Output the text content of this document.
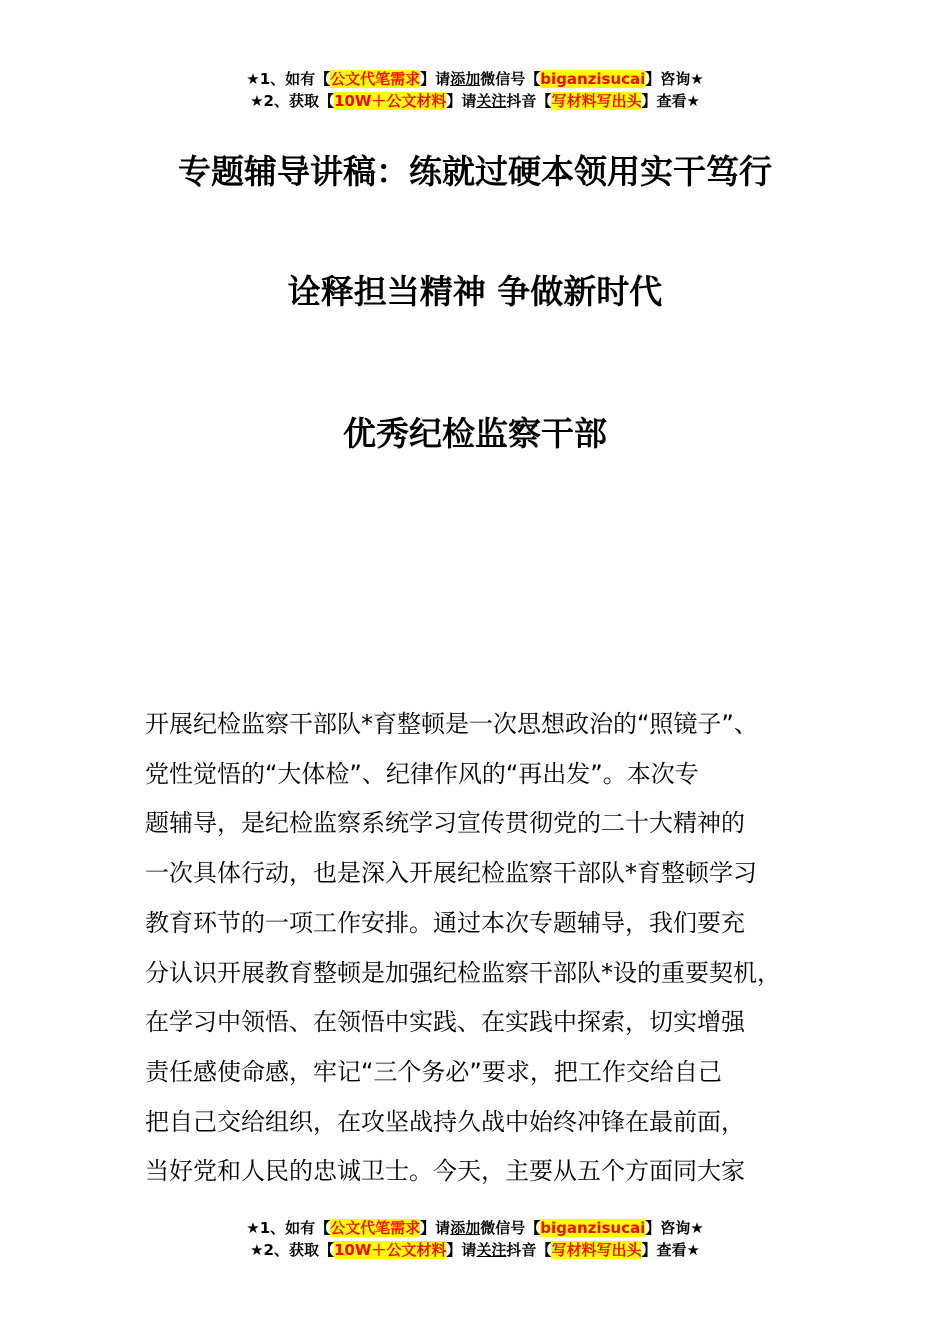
★1、如有【公文代笔需求】请添加微信号【biganzisucai】咨询★
★2、获取【10W＋公文材料】请关注抖音【写材料写出头】查看★
专题辅导讲稿：练就过硬本领用实干笃行
诠释担当精神 争做新时代
优秀纪检监察干部
开展纪检监察干部队*育整顿是一次思想政治的“照镜子”、
党性觉悟的“大体检”、纪律作风的“再出发”。本次专
题辅导，是纪检监察系统学习宣传贯彻党的二十大精神的
一次具体行动，也是深入开展纪检监察干部队*育整顿学习
教育环节的一项工作安排。通过本次专题辅导，我们要充
分认识开展教育整顿是加强纪检监察干部队*设的重要契机，
在学习中领悟、在领悟中实践、在实践中探索，切实增强
责任感使命感，牢记“三个务必”要求，把工作交给自己
把自己交给组织，在攻坚战持久战中始终冲锋在最前面，
当好党和人民的忠诚卫士。今天，主要从五个方面同大家
★1、如有【公文代笔需求】请添加微信号【biganzisucai】咨询★
★2、获取【10W＋公文材料】请关注抖音【写材料写出头】查看★
